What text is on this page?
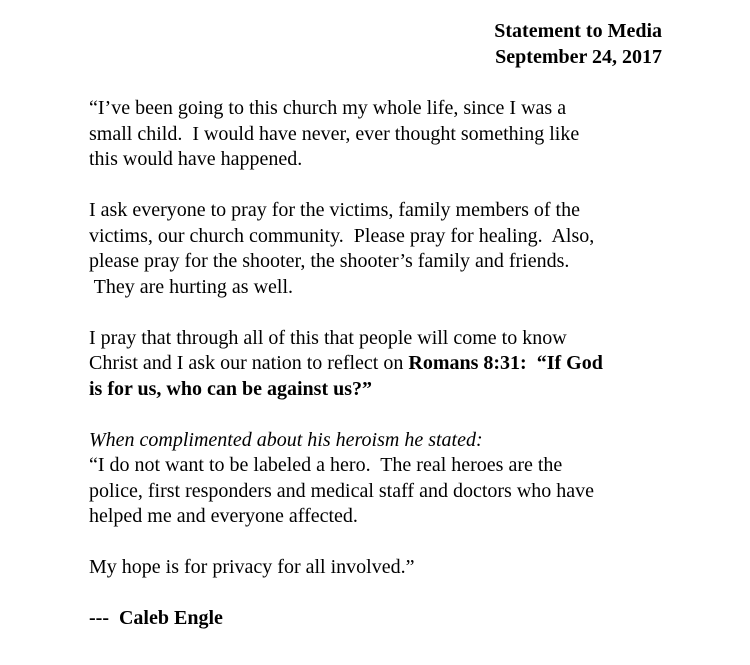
Statement to Media
September 24, 2017
“I’ve been going to this church my whole life, since I was a
small child.  I would have never, ever thought something like
this would have happened.
I ask everyone to pray for the victims, family members of the
victims, our church community.  Please pray for healing.  Also,
please pray for the shooter, the shooter’s family and friends.
They are hurting as well.
I pray that through all of this that people will come to know
Christ and I ask our nation to reflect on Romans 8:31:  “If God
is for us, who can be against us?”
When complimented about his heroism he stated:
“I do not want to be labeled a hero.  The real heroes are the
police, first responders and medical staff and doctors who have
helped me and everyone affected.
My hope is for privacy for all involved.”
---  Caleb Engle
